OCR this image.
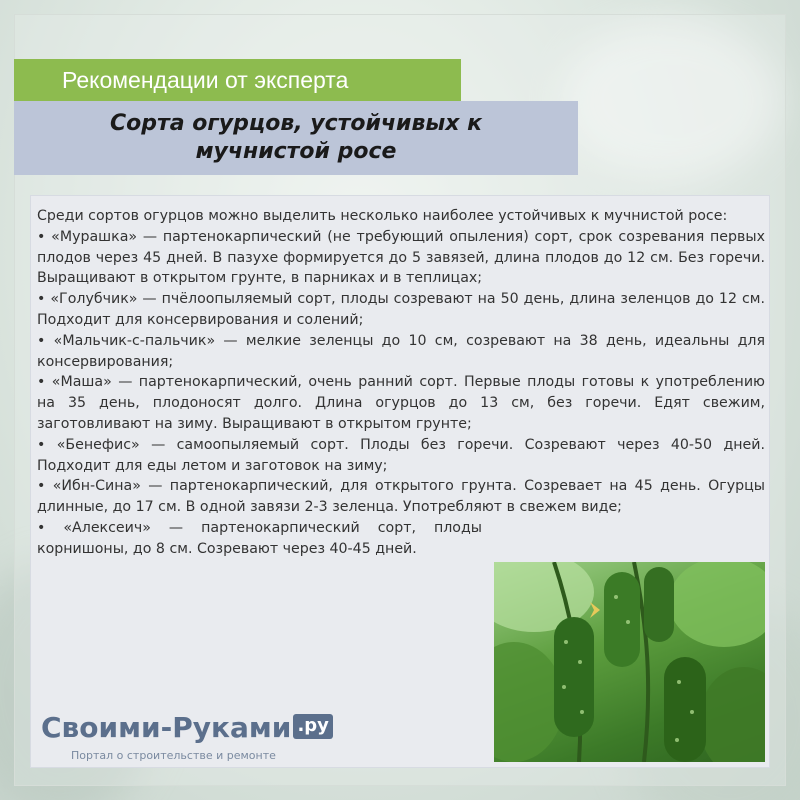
Рекомендации от эксперта
Сорта огурцов, устойчивых к мучнистой росе

Среди сортов огурцов можно выделить несколько наиболее устойчивых к мучнистой росе:

• «Мурашка» — партенокарпический (не требующий опыления) сорт, срок созревания первых плодов через 45 дней. В пазухе формируется до 5 завязей, длина плодов до 12 см. Без горечи. Выращивают в открытом грунте, в парниках и в теплицах;

• «Голубчик» — пчёлоопыляемый сорт, плоды созревают на 50 день, длина зеленцов до 12 см. Подходит для консервирования и солений;

• «Мальчик-с-пальчик» — мелкие зеленцы до 10 см, созревают на 38 день, идеальны для консервирования;

• «Маша» — партенокарпический, очень ранний сорт. Первые плоды готовы к употреблению на 35 день, плодоносят долго. Длина огурцов до 13 см, без горечи. Едят свежим, заготовливают на зиму. Выращивают в открытом грунте;

• «Бенефис» — самоопыляемый сорт. Плоды без горечи. Созревают через 40-50 дней. Подходит для еды летом и заготовок на зиму;

• «Ибн-Сина» — партенокарпический, для открытого грунта. Созревает на 45 день. Огурцы длинные, до 17 см. В одной завязи 2-3 зеленца. Употребляют в свежем виде;

• «Алексеич» — партенокарпический сорт, плоды корнишоны, до 8 см. Созревают через 40-45 дней.

Своими-Руками .ру
Портал о строительстве и ремонте
